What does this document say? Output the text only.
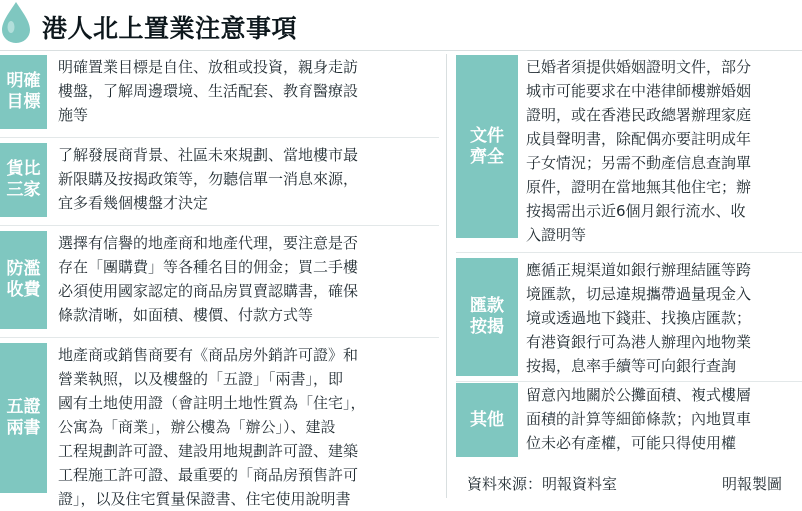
港人北上置業注意事項
明確
目標
明確置業目標是自住、放租或投資，親身走訪
樓盤，了解周邊環境、生活配套、教育醫療設
施等
貨比
三家
了解發展商背景、社區未來規劃、當地樓市最
新限購及按揭政策等，勿聽信單一消息來源，
宜多看幾個樓盤才決定
防濫
收費
選擇有信譽的地產商和地產代理，要注意是否
存在「團購費」等各種名目的佣金；買二手樓
必須使用國家認定的商品房買賣認購書，確保
條款清晰，如面積、樓價、付款方式等
五證
兩書
地產商或銷售商要有《商品房外銷許可證》和
營業執照，以及樓盤的「五證」「兩書」，即
國有土地使用證（會註明土地性質為「住宅」，
公寓為「商業」，辦公樓為「辦公」）、建設
工程規劃許可證、建設用地規劃許可證、建築
工程施工許可證、最重要的「商品房預售許可
證」，以及住宅質量保證書、住宅使用說明書
文件
齊全
已婚者須提供婚姻證明文件，部分
城市可能要求在中港律師樓辦婚姻
證明，或在香港民政總署辦理家庭
成員聲明書，除配偶亦要註明成年
子女情況；另需不動產信息查詢單
原件，證明在當地無其他住宅；辦
按揭需出示近6個月銀行流水、收
入證明等
匯款
按揭
應循正規渠道如銀行辦理結匯等跨
境匯款，切忌違規攜帶過量現金入
境或透過地下錢莊、找換店匯款；
有港資銀行可為港人辦理內地物業
按揭，息率手續等可向銀行查詢
其他
留意內地關於公攤面積、複式樓層
面積的計算等細節條款；內地買車
位未必有產權，可能只得使用權
資料來源：明報資料室	明報製圖
